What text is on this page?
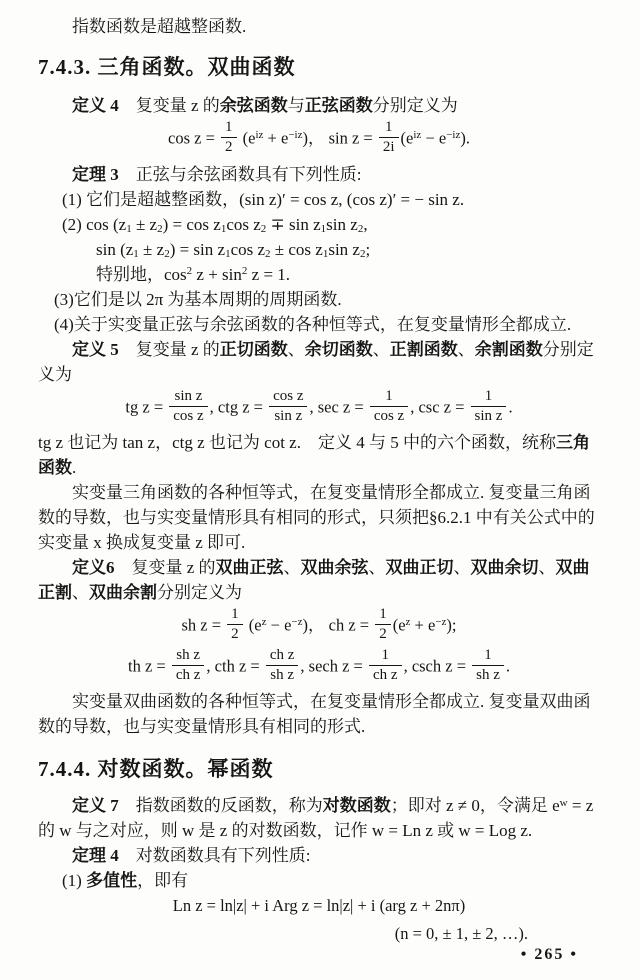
指数函数是超越整函数.

7.4.3. 三角函数。双曲函数

定义 4　复变量 z 的余弦函数与正弦函数分别定义为

$\cos z = \frac{1}{2} (e^{iz} + e^{-iz})$， $\sin z = \frac{1}{2i} (e^{iz} - e^{-iz})$.

定理 3　正弦与余弦函数具有下列性质:

(1) 它们是超越整函数，(sin z)′ = cos z, (cos z)′ = − sin z.

(2) $\cos (z_1 \pm z_2) = \cos z_1\cos$ $z_2 \mp \sin z_1\sin$ $z_2$,

$\sin (z_1 \pm z_2) = \sin z_1\cos$ $z_2 \pm \cos z_1\sin$ $z_2$;

特别地，$\cos^2 z + \sin^2 z = 1$.

(3)它们是以 2π 为基本周期的周期函数.

(4)关于实变量正弦与余弦函数的各种恒等式，在复变量情形全都成立.

定义 5　复变量 z 的正切函数、余切函数、正割函数、余割函数分别定义为

tg $z = \frac{\text{sin z}}{\text{cos z}}$ , ctg $z = \frac{\text{cos z}}{\text{sin z}}$ , $\sec z = \frac{1}{\text{cos z}}$ , $\csc z = \frac{1}{\text{sin z}}$ .

tg z 也记为 tan z，ctg z 也记为 cot z.　定义 4 与 5 中的六个函数，统称三角函数.

实变量三角函数的各种恒等式，在复变量情形全都成立. 复变量三角函数的导数，也与实变量情形具有相同的形式，只须把§6.2.1 中有关公式中的实变量 x 换成复变量 z 即可.

定义6　复变量 z 的双曲正弦、双曲余弦、双曲正切、双曲余切、双曲正割、双曲余割分别定义为

sh $z = \frac{1}{2} (e^z - e^{-z})$， ch $z = \frac{1}{2} (e^z + e^{-z})$;
th $z = \frac{\text{sh z}}{\text{ch z}}$ , cth $z = \frac{\text{ch z}}{\text{sh z}}$ , sech $z = \frac{1}{\text{ch z}}$ , csch $z = \frac{1}{\text{sh z}}$ .

实变量双曲函数的各种恒等式，在复变量情形全都成立. 复变量双曲函数的导数，也与实变量情形具有相同的形式.

7.4.4. 对数函数。幂函数

定义 7　指数函数的反函数，称为对数函数；即对 z ≠ 0，令满足 $e^w = z$ 的 w 与之对应，则 w 是 z 的对数函数，记作 w = Ln z 或 w = Log z.

定理 4　对数函数具有下列性质:

(1) 多值性，即有

Ln z = ln|z| + i Arg z = ln|z| + i (arg z + 2nπ)
(n = 0, ± 1, ± 2, …).
• 265 •
